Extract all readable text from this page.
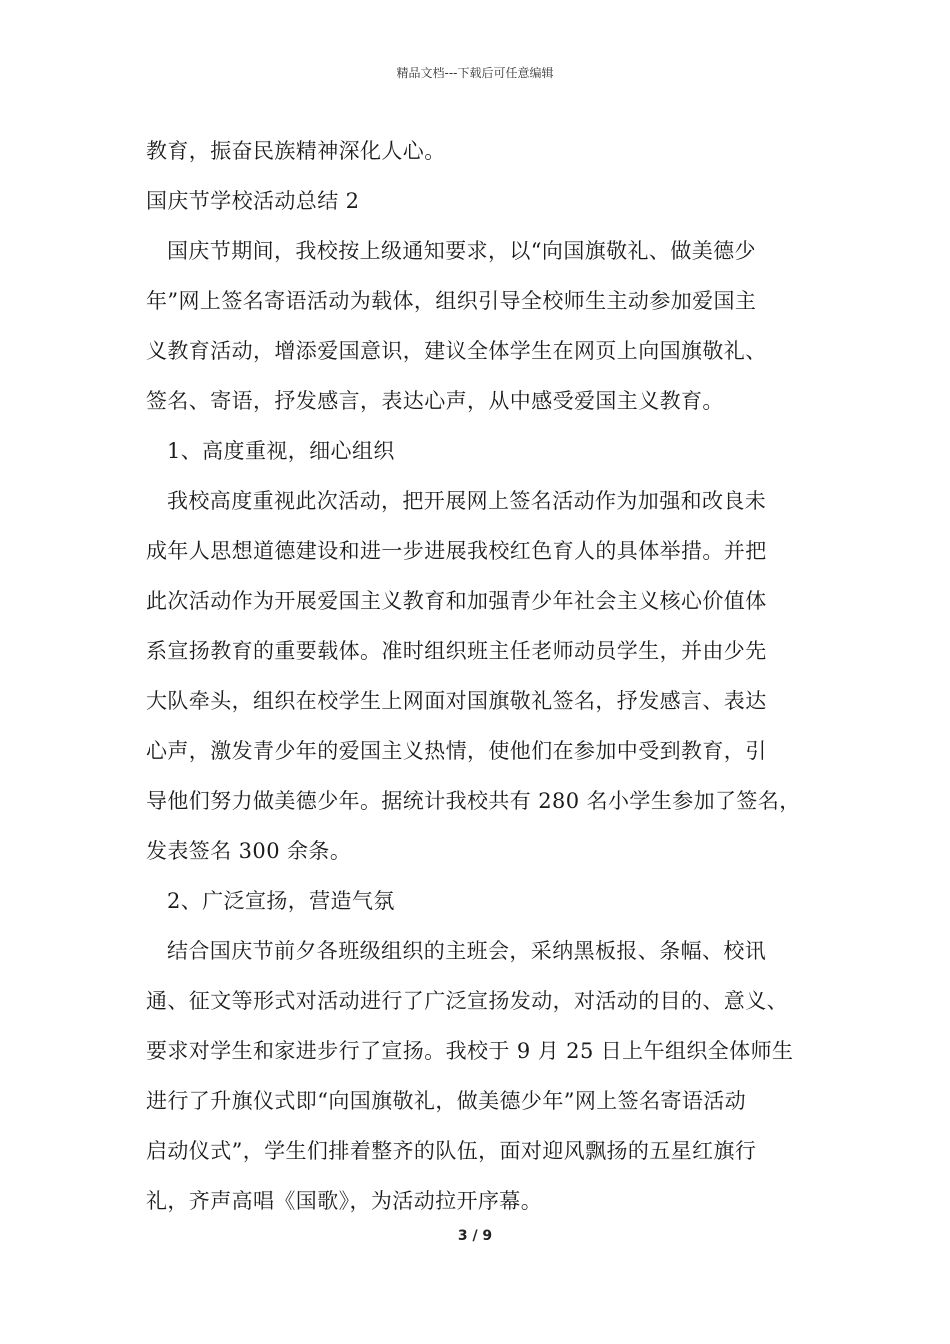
精品文档---下载后可任意编辑
教育，振奋民族精神深化人心。
国庆节学校活动总结 2
国庆节期间，我校按上级通知要求，以“向国旗敬礼、做美德少
年”网上签名寄语活动为载体，组织引导全校师生主动参加爱国主
义教育活动，增添爱国意识，建议全体学生在网页上向国旗敬礼、
签名、寄语，抒发感言，表达心声，从中感受爱国主义教育。
1、高度重视，细心组织
我校高度重视此次活动，把开展网上签名活动作为加强和改良未
成年人思想道德建设和进一步进展我校红色育人的具体举措。并把
此次活动作为开展爱国主义教育和加强青少年社会主义核心价值体
系宣扬教育的重要载体。准时组织班主任老师动员学生，并由少先
大队牵头，组织在校学生上网面对国旗敬礼签名，抒发感言、表达
心声，激发青少年的爱国主义热情，使他们在参加中受到教育，引
导他们努力做美德少年。据统计我校共有 280 名小学生参加了签名，
发表签名 300 余条。
2、广泛宣扬，营造气氛
结合国庆节前夕各班级组织的主班会，采纳黑板报、条幅、校讯
通、征文等形式对活动进行了广泛宣扬发动，对活动的目的、意义、
要求对学生和家进步行了宣扬。我校于 9 月 25 日上午组织全体师生
进行了升旗仪式即“向国旗敬礼，做美德少年”网上签名寄语活动
启动仪式”，学生们排着整齐的队伍，面对迎风飘扬的五星红旗行
礼，齐声高唱《国歌》，为活动拉开序幕。
3 / 9
